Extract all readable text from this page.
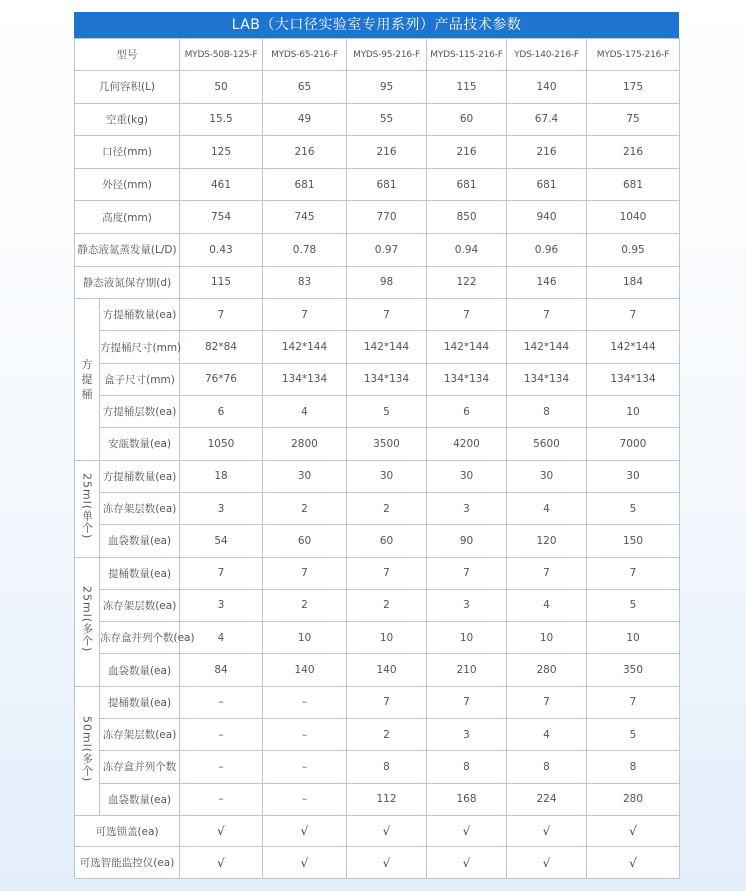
LAB（大口径实验室专用系列）产品技术参数
型号		MYDS-50B-125-F	MYDS-65-216-F	MYDS-95-216-F	MYDS-115-216-F	YDS-140-216-F	MYDS-175-216-F
几何容积(L)		50	65	95	115	140	175
空重(kg)		15.5	49	55	60	67.4	75
口径(mm)		125	216	216	216	216	216
外径(mm)		461	681	681	681	681	681
高度(mm)		754	745	770	850	940	1040
静态液氮蒸发量(L/D)		0.43	0.78	0.97	0.94	0.96	0.95
静态液氮保存期(d)		115	83	98	122	146	184
方提桶	方提桶数量(ea)	7	7	7	7	7	7
	方提桶尺寸(mm)	82*84	142*144	142*144	142*144	142*144	142*144
	盒子尺寸(mm)	76*76	134*134	134*134	134*134	134*134	134*134
	方提桶层数(ea)	6	4	5	6	8	10
	安瓿数量(ea)	1050	2800	3500	4200	5600	7000
25ml(单个)	方提桶数量(ea)	18	30	30	30	30	30
	冻存架层数(ea)	3	2	2	3	4	5
	血袋数量(ea)	54	60	60	90	120	150
25ml(多个)	提桶数量(ea)	7	7	7	7	7	7
	冻存架层数(ea)	3	2	2	3	4	5
	冻存盒并列个数(ea)	4	10	10	10	10	10
	血袋数量(ea)	84	140	140	210	280	350
50ml(多个)	提桶数量(ea)	–	–	7	7	7	7
	冻存架层数(ea)	–	–	2	3	4	5
	冻存盒并列个数	–	–	8	8	8	8
	血袋数量(ea)	–	–	112	168	224	280
可选锁盖(ea)		√	√	√	√	√	√
可选智能监控仪(ea)		√	√	√	√	√	√
